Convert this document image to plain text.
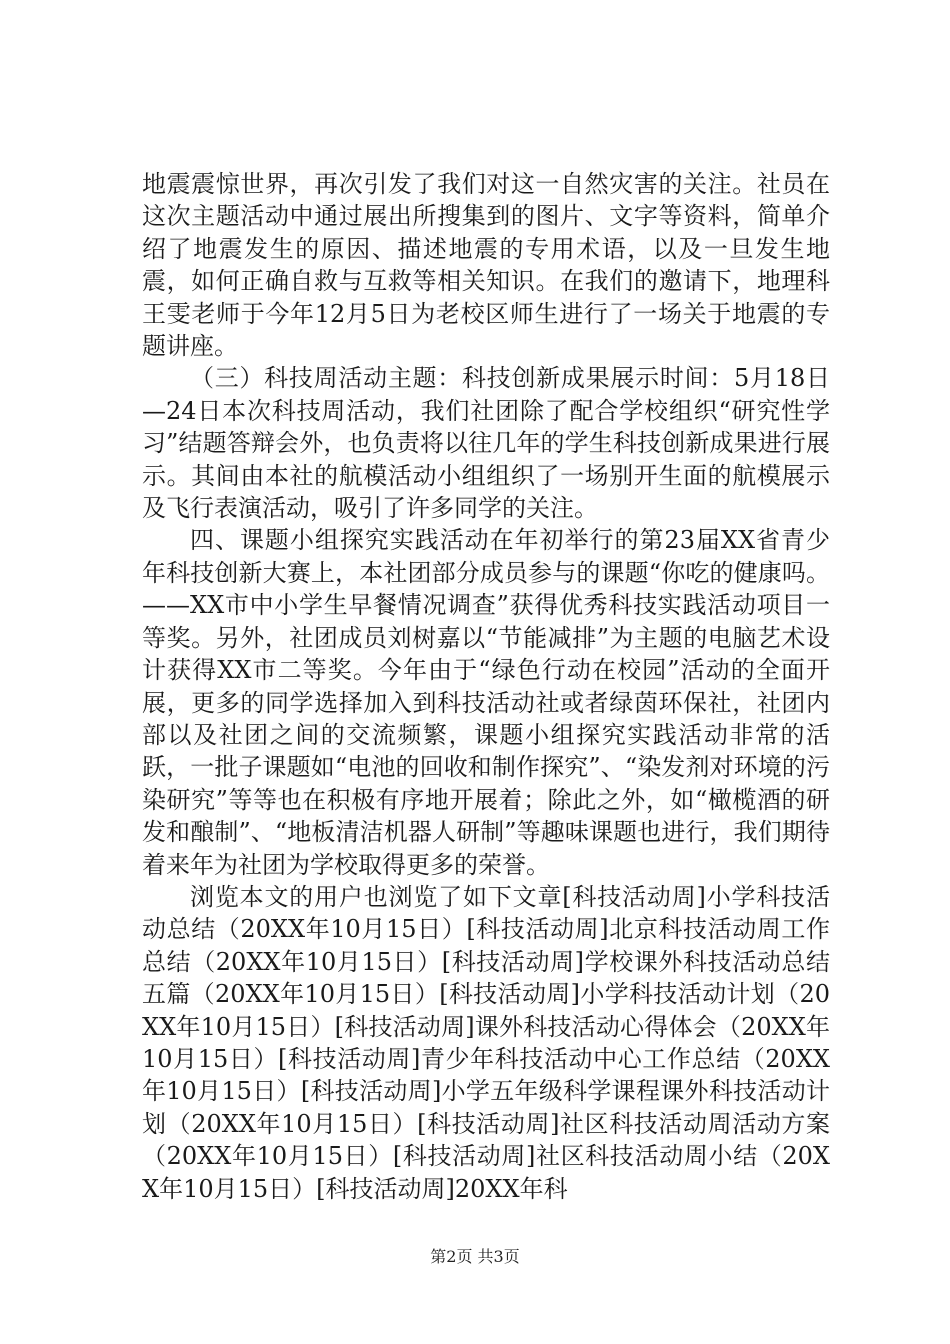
地震震惊世界，再次引发了我们对这一自然灾害的关注。社员在这次主题活动中通过展出所搜集到的图片、文字等资料，简单介绍了地震发生的原因、描述地震的专用术语，以及一旦发生地震，如何正确自救与互救等相关知识。在我们的邀请下，地理科王雯老师于今年12月5日为老校区师生进行了一场关于地震的专题讲座。

（三）科技周活动主题：科技创新成果展示时间：5月18日—24日本次科技周活动，我们社团除了配合学校组织“研究性学习”结题答辩会外，也负责将以往几年的学生科技创新成果进行展示。其间由本社的航模活动小组组织了一场别开生面的航模展示及飞行表演活动，吸引了许多同学的关注。

四、课题小组探究实践活动在年初举行的第23届XX省青少年科技创新大赛上，本社团部分成员参与的课题“你吃的健康吗。——XX市中小学生早餐情况调查”获得优秀科技实践活动项目一等奖。另外，社团成员刘树嘉以“节能减排”为主题的电脑艺术设计获得XX市二等奖。今年由于“绿色行动在校园”活动的全面开展，更多的同学选择加入到科技活动社或者绿茵环保社，社团内部以及社团之间的交流频繁，课题小组探究实践活动非常的活跃，一批子课题如“电池的回收和制作探究”、“染发剂对环境的污染研究”等等也在积极有序地开展着；除此之外，如“橄榄酒的研发和酿制”、“地板清洁机器人研制”等趣味课题也进行，我们期待着来年为社团为学校取得更多的荣誉。

浏览本文的用户也浏览了如下文章[科技活动周]小学科技活动总结（20XX年10月15日）[科技活动周]北京科技活动周工作总结（20XX年10月15日）[科技活动周]学校课外科技活动总结五篇（20XX年10月15日）[科技活动周]小学科技活动计划（20XX年10月15日）[科技活动周]课外科技活动心得体会（20XX年10月15日）[科技活动周]青少年科技活动中心工作总结（20XX年10月15日）[科技活动周]小学五年级科学课程课外科技活动计划（20XX年10月15日）[科技活动周]社区科技活动周活动方案（20XX年10月15日）[科技活动周]社区科技活动周小结（20XX年10月15日）[科技活动周]20XX年科

第2页 共3页
